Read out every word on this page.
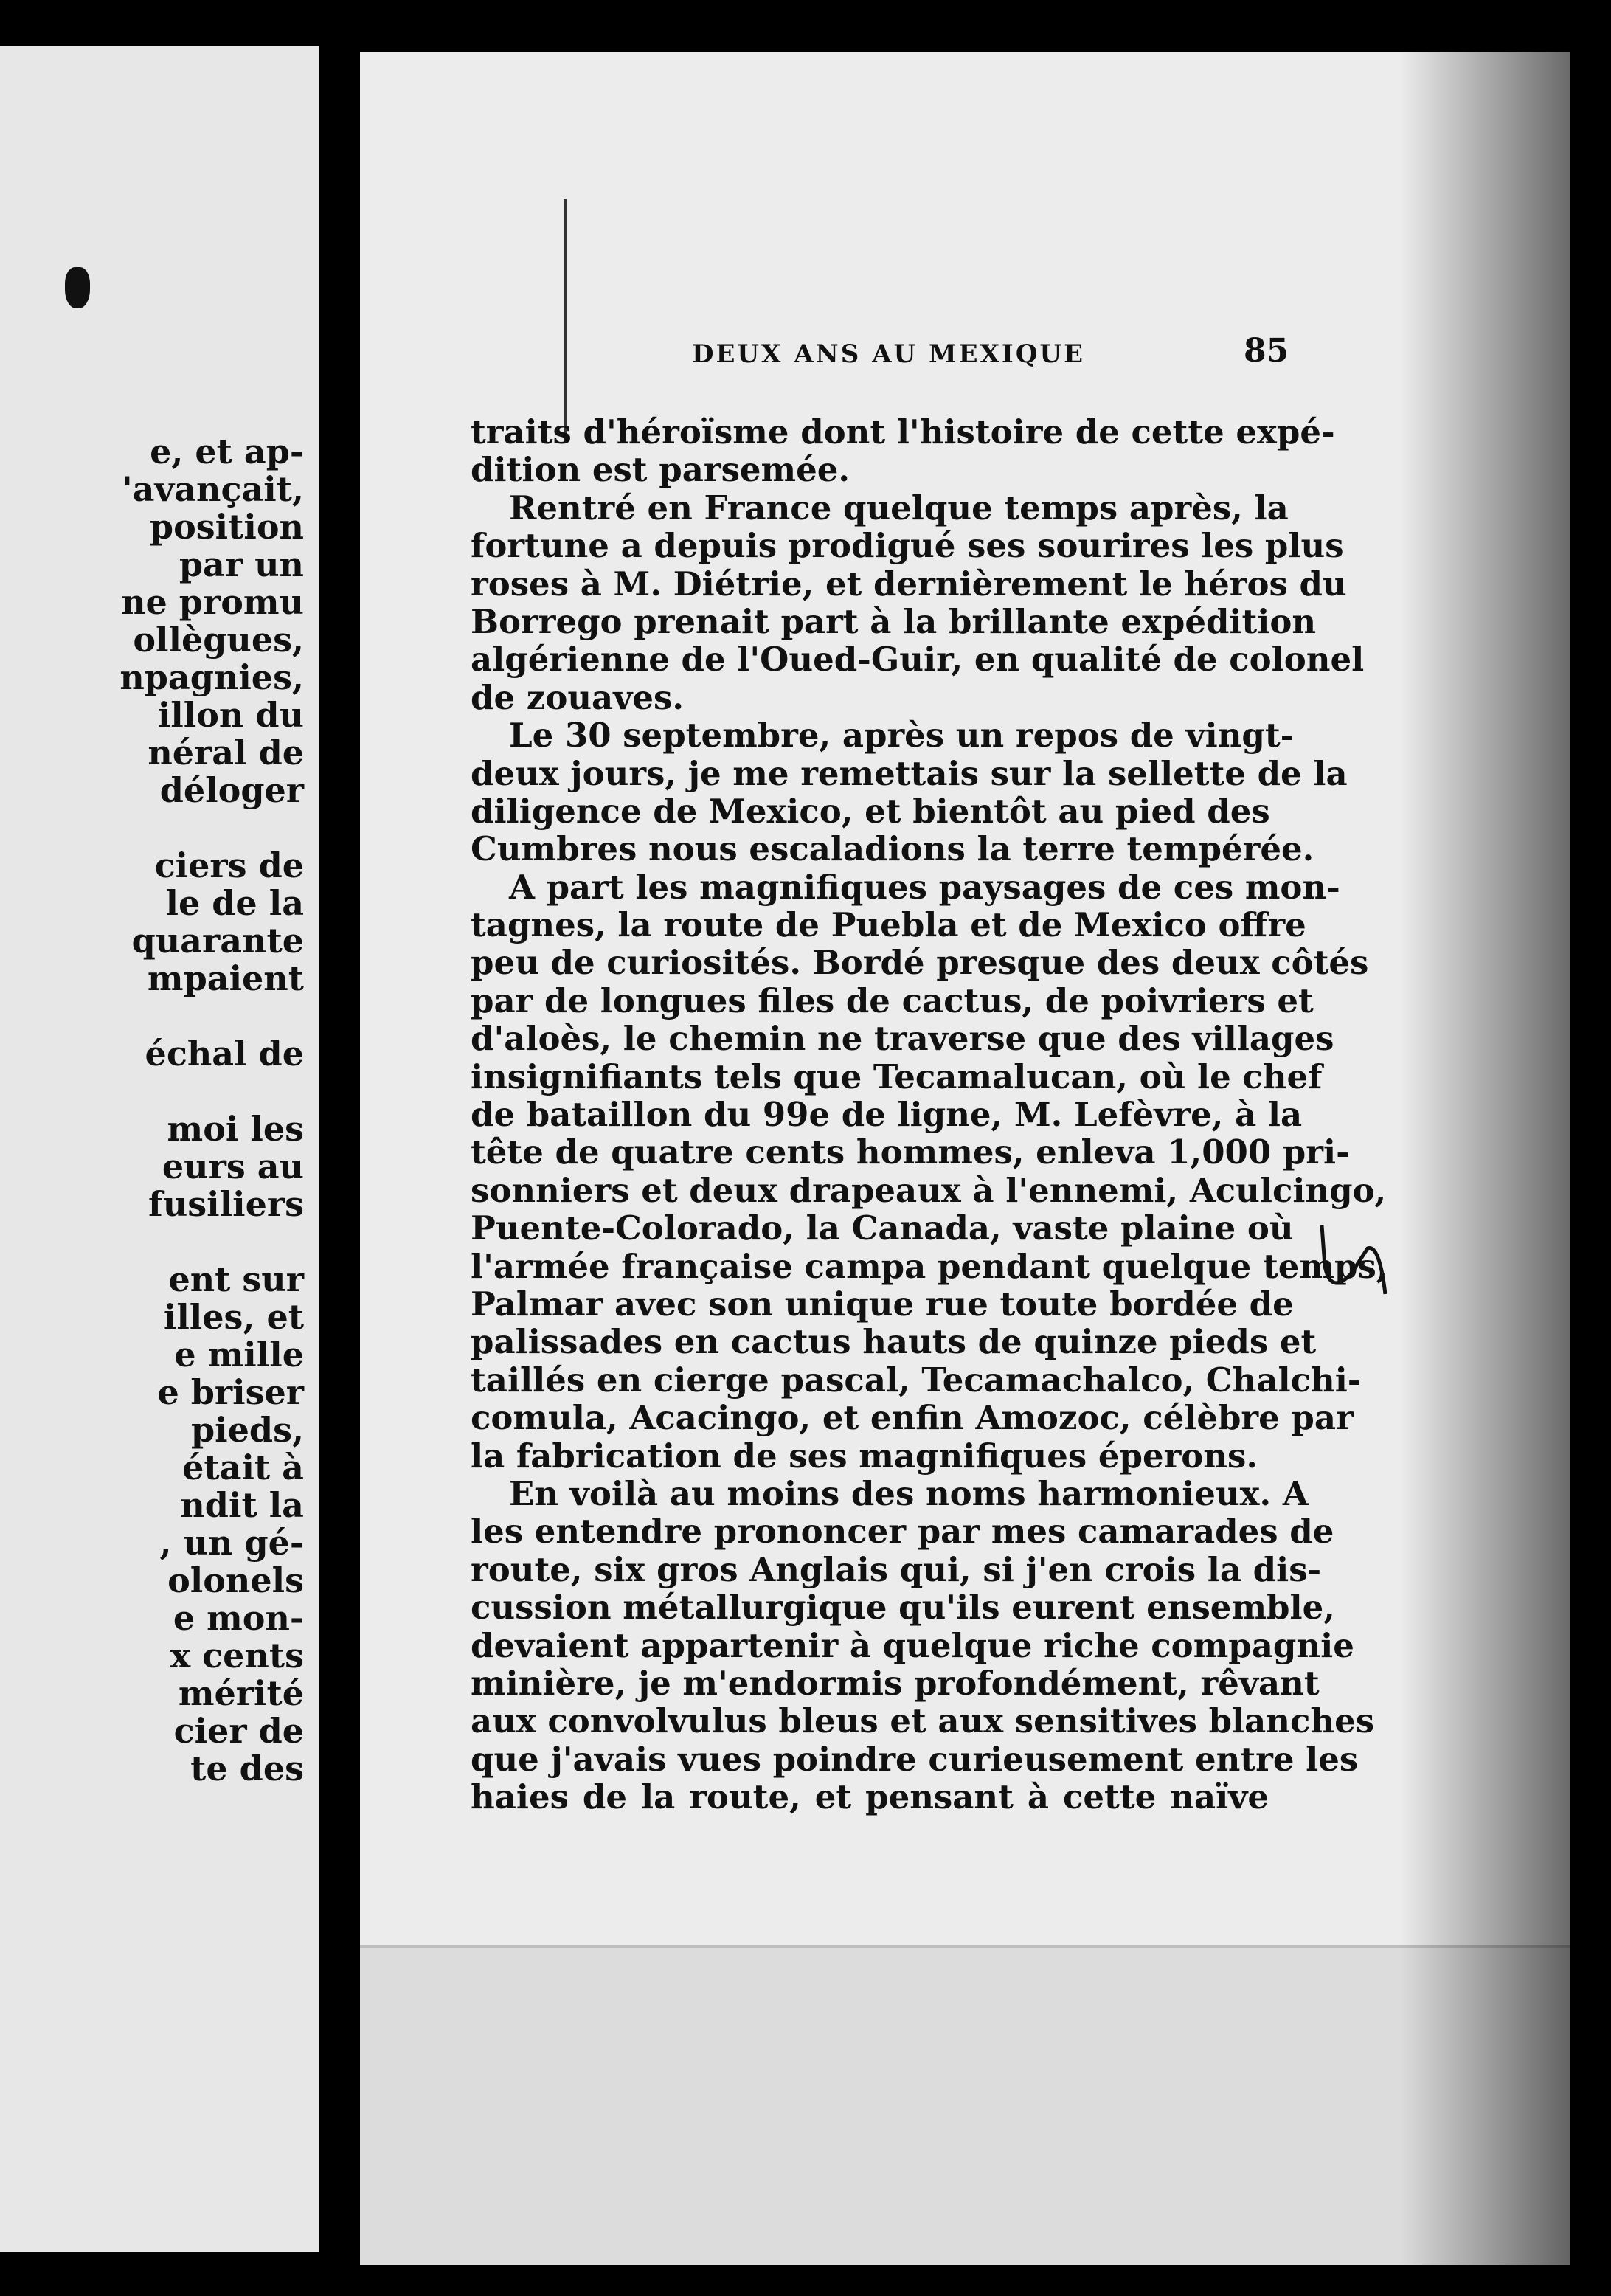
e, et ap-
'avançait,
position
par un
ne promu
ollègues,
npagnies,
illon du
néral de
déloger
ciers de
le de la
quarante
mpaient
échal de
moi les
eurs au
fusiliers
ent sur
illes, et
e mille
e briser
pieds,
était à
ndit la
, un gé-
olonels
e mon-
x cents
mérité
cier de
te des
DEUX ANS AU MEXIQUE	85
traits d'héroïsme dont l'histoire de cette expé-
dition est parsemée.
Rentré en France quelque temps après, la
fortune a depuis prodigué ses sourires les plus
roses à M. Diétrie, et dernièrement le héros du
Borrego prenait part à la brillante expédition
algérienne de l'Oued-Guir, en qualité de colonel
de zouaves.
Le 30 septembre, après un repos de vingt-
deux jours, je me remettais sur la sellette de la
diligence de Mexico, et bientôt au pied des
Cumbres nous escaladions la terre tempérée.
A part les magnifiques paysages de ces mon-
tagnes, la route de Puebla et de Mexico offre
peu de curiosités. Bordé presque des deux côtés
par de longues files de cactus, de poivriers et
d'aloès, le chemin ne traverse que des villages
insignifiants tels que Tecamalucan, où le chef
de bataillon du 99e de ligne, M. Lefèvre, à la
tête de quatre cents hommes, enleva 1,000 pri-
sonniers et deux drapeaux à l'ennemi, Aculcingo,
Puente-Colorado, la Canada, vaste plaine où
l'armée française campa pendant quelque temps,
Palmar avec son unique rue toute bordée de
palissades en cactus hauts de quinze pieds et
taillés en cierge pascal, Tecamachalco, Chalchi-
comula, Acacingo, et enfin Amozoc, célèbre par
la fabrication de ses magnifiques éperons.
En voilà au moins des noms harmonieux. A
les entendre prononcer par mes camarades de
route, six gros Anglais qui, si j'en crois la dis-
cussion métallurgique qu'ils eurent ensemble,
devaient appartenir à quelque riche compagnie
minière, je m'endormis profondément, rêvant
aux convolvulus bleus et aux sensitives blanches
que j'avais vues poindre curieusement entre les
haies de la route, et pensant à cette naïve
